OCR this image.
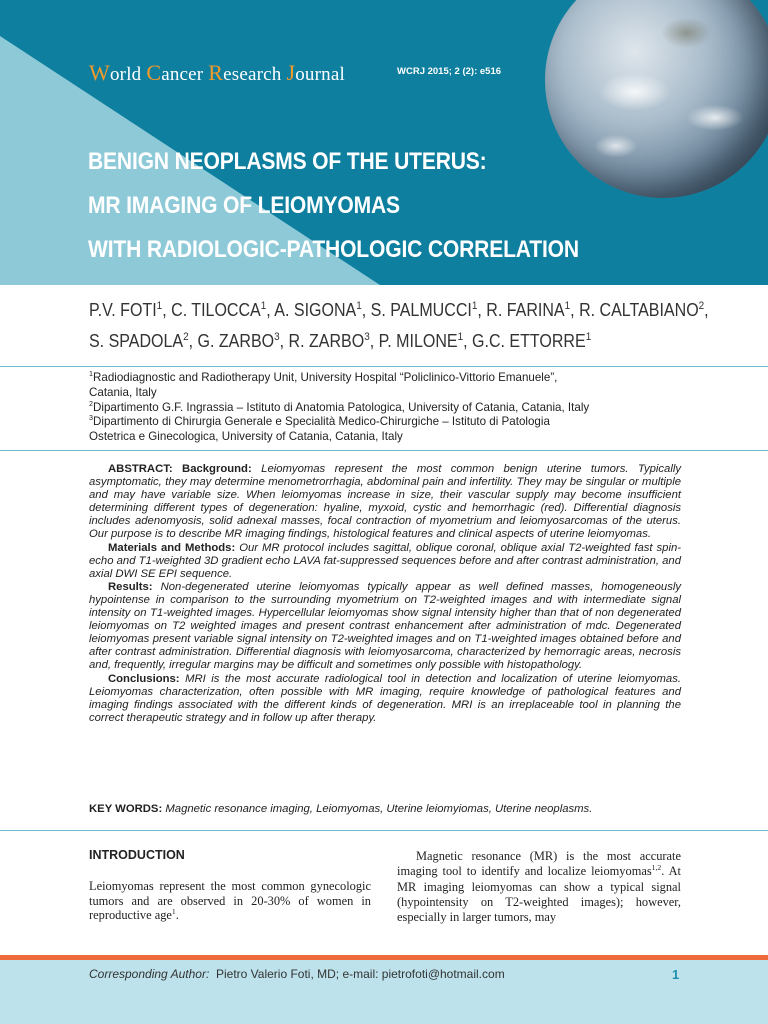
World Cancer Research Journal	WCRJ 2015; 2 (2): e516
BENIGN NEOPLASMS OF THE UTERUS:
MR IMAGING OF LEIOMYOMAS
WITH RADIOLOGIC-PATHOLOGIC CORRELATION
P.V. FOTI$^1$, C. TILOCCA$^1$, A. SIGONA$^1$, S. PALMUCCI$^1$, R. FARINA$^1$, R. CALTABIANO$^2$,
S. SPADOLA$^2$, G. ZARBO$^3$, R. ZARBO$^3$, P. MILONE$^1$, G.C. ETTORRE$^1$
$^1$Radiodiagnostic and Radiotherapy Unit, University Hospital “Policlinico-Vittorio Emanuele”,
Catania, Italy
$^2$Dipartimento G.F. Ingrassia – Istituto di Anatomia Patologica, University of Catania, Catania, Italy
$^3$Dipartimento di Chirurgia Generale e Specialità Medico-Chirurgiche – Istituto di Patologia
Ostetrica e Ginecologica, University of Catania, Catania, Italy

ABSTRACT: Background: Leiomyomas represent the most common benign uterine tumors. Typically asymptomatic, they may determine menometrorrhagia, abdominal pain and infertility. They may be singular or multiple and may have variable size. When leiomyomas increase in size, their vascular supply may become insufficient determining different types of degeneration: hyaline, myxoid, cystic and hemorrhagic (red). Differential diagnosis includes adenomyosis, solid adnexal masses, focal contraction of myometrium and leiomyosarcomas of the uterus. Our purpose is to describe MR imaging findings, histological features and clinical aspects of uterine leiomyomas.

Materials and Methods: Our MR protocol includes sagittal, oblique coronal, oblique axial T2-weighted fast spin-echo and T1-weighted 3D gradient echo LAVA fat-suppressed sequences before and after contrast administration, and axial DWI SE EPI sequence.

Results: Non-degenerated uterine leiomyomas typically appear as well defined masses, homogeneously hypointense in comparison to the surrounding myometrium on T2-weighted images and with intermediate signal intensity on T1-weighted images. Hypercellular leiomyomas show signal intensity higher than that of non degenerated leiomyomas on T2 weighted images and present contrast enhancement after administration of mdc. Degenerated leiomyomas present variable signal intensity on T2-weighted images and on T1-weighted images obtained before and after contrast administration. Differential diagnosis with leiomyosarcoma, characterized by hemorragic areas, necrosis and, frequently, irregular margins may be difficult and sometimes only possible with histopathology.

Conclusions: MRI is the most accurate radiological tool in detection and localization of uterine leiomyomas. Leiomyomas characterization, often possible with MR imaging, require knowledge of pathological features and imaging findings associated with the different kinds of degeneration. MRI is an irreplaceable tool in planning the correct therapeutic strategy and in follow up after therapy.

KEY WORDS: Magnetic resonance imaging, Leiomyomas, Uterine leiomyiomas, Uterine neoplasms.
INTRODUCTION

Leiomyomas represent the most common gynecologic tumors and are observed in 20-30% of women in reproductive age$^1$.

Magnetic resonance (MR) is the most accurate imaging tool to identify and localize leiomyomas$^{1,2}$. At MR imaging leiomyomas can show a typical signal (hypointensity on T2-weighted images); however, especially in larger tumors, may

Corresponding Author: Pietro Valerio Foti, MD; e-mail: pietrofoti@hotmail.com	1
